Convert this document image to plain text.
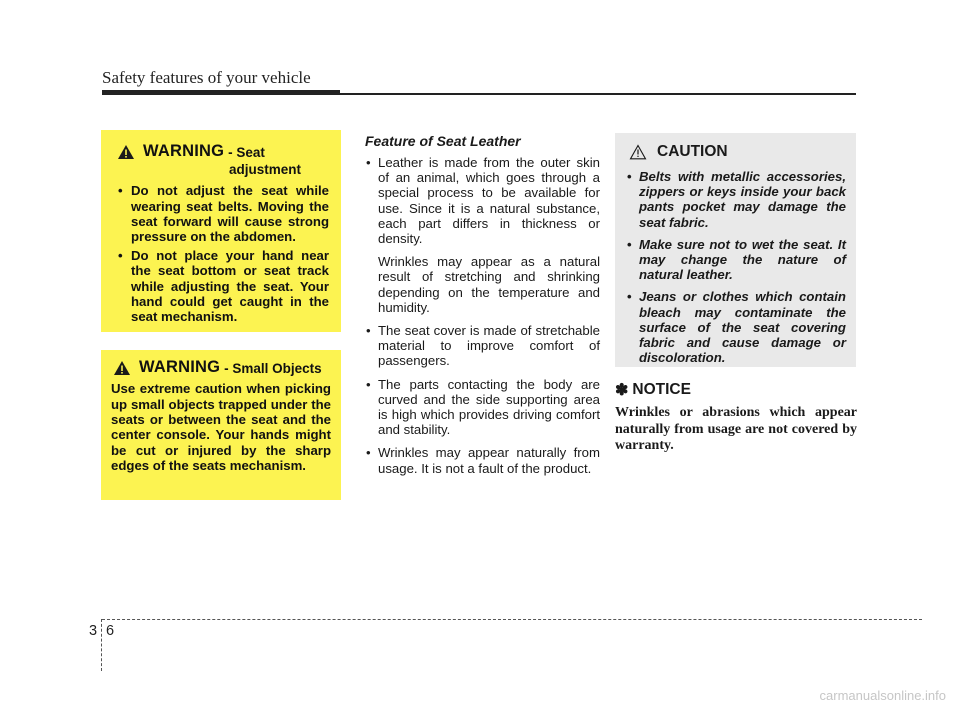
Safety features of your vehicle
WARNING - Seat
adjustment
• Do not adjust the seat while wearing seat belts. Moving the seat forward will cause strong pressure on the abdomen.
• Do not place your hand near the seat bottom or seat track while adjusting the seat. Your hand could get caught in the seat mechanism.
WARNING - Small Objects
Use extreme caution when picking up small objects trapped under the seats or between the seat and the center console. Your hands might be cut or injured by the sharp edges of the seats mechanism.
Feature of Seat Leather
• Leather is made from the outer skin of an animal, which goes through a special process to be available for use. Since it is a natural substance, each part differs in thickness or density.
Wrinkles may appear as a natural result of stretching and shrinking depending on the temperature and humidity.
• The seat cover is made of stretchable material to improve comfort of passengers.
• The parts contacting the body are curved and the side supporting area is high which provides driving comfort and stability.
• Wrinkles may appear naturally from usage. It is not a fault of the product.
CAUTION
• Belts with metallic accessories, zippers or keys inside your back pants pocket may damage the seat fabric.
• Make sure not to wet the seat. It may change the nature of natural leather.
• Jeans or clothes which contain bleach may contaminate the surface of the seat covering fabric and cause damage or discoloration.
✽ NOTICE
Wrinkles or abrasions which appear naturally from usage are not covered by warranty.
3 6
carmanualsonline.info
